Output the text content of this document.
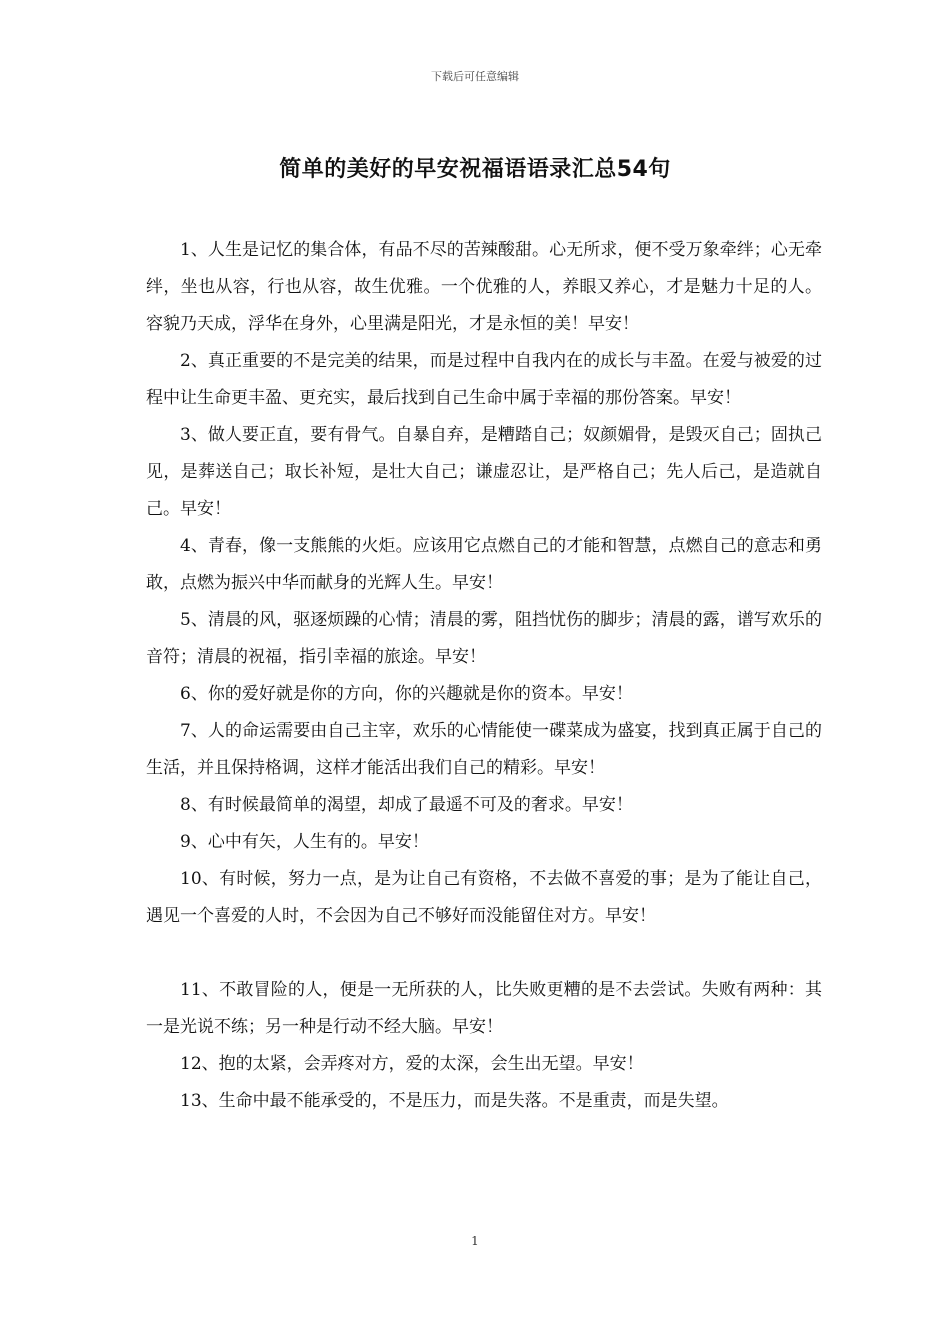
下载后可任意编辑
简单的美好的早安祝福语语录汇总54句

1、人生是记忆的集合体，有品不尽的苦辣酸甜。心无所求，便不受万象牵绊；心无牵绊，坐也从容，行也从容，故生优雅。一个优雅的人，养眼又养心，才是魅力十足的人。容貌乃天成，浮华在身外，心里满是阳光，才是永恒的美！早安！

2、真正重要的不是完美的结果，而是过程中自我内在的成长与丰盈。在爱与被爱的过程中让生命更丰盈、更充实，最后找到自己生命中属于幸福的那份答案。早安！

3、做人要正直，要有骨气。自暴自弃，是糟踏自己；奴颜媚骨，是毁灭自己；固执己见，是葬送自己；取长补短，是壮大自己；谦虚忍让，是严格自己；先人后己，是造就自己。早安！

4、青春，像一支熊熊的火炬。应该用它点燃自己的才能和智慧，点燃自己的意志和勇敢，点燃为振兴中华而献身的光辉人生。早安！

5、清晨的风，驱逐烦躁的心情；清晨的雾，阻挡忧伤的脚步；清晨的露，谱写欢乐的音符；清晨的祝福，指引幸福的旅途。早安！

6、你的爱好就是你的方向，你的兴趣就是你的资本。早安！

7、人的命运需要由自己主宰，欢乐的心情能使一碟菜成为盛宴，找到真正属于自己的生活，并且保持格调，这样才能活出我们自己的精彩。早安！

8、有时候最简单的渴望，却成了最遥不可及的奢求。早安！

9、心中有矢，人生有的。早安！

10、有时候，努力一点，是为让自己有资格，不去做不喜爱的事；是为了能让自己，遇见一个喜爱的人时，不会因为自己不够好而没能留住对方。早安！

11、不敢冒险的人，便是一无所获的人，比失败更糟的是不去尝试。失败有两种：其一是光说不练；另一种是行动不经大脑。早安！

12、抱的太紧，会弄疼对方，爱的太深，会生出无望。早安！

13、生命中最不能承受的，不是压力，而是失落。不是重责，而是失望。

1
